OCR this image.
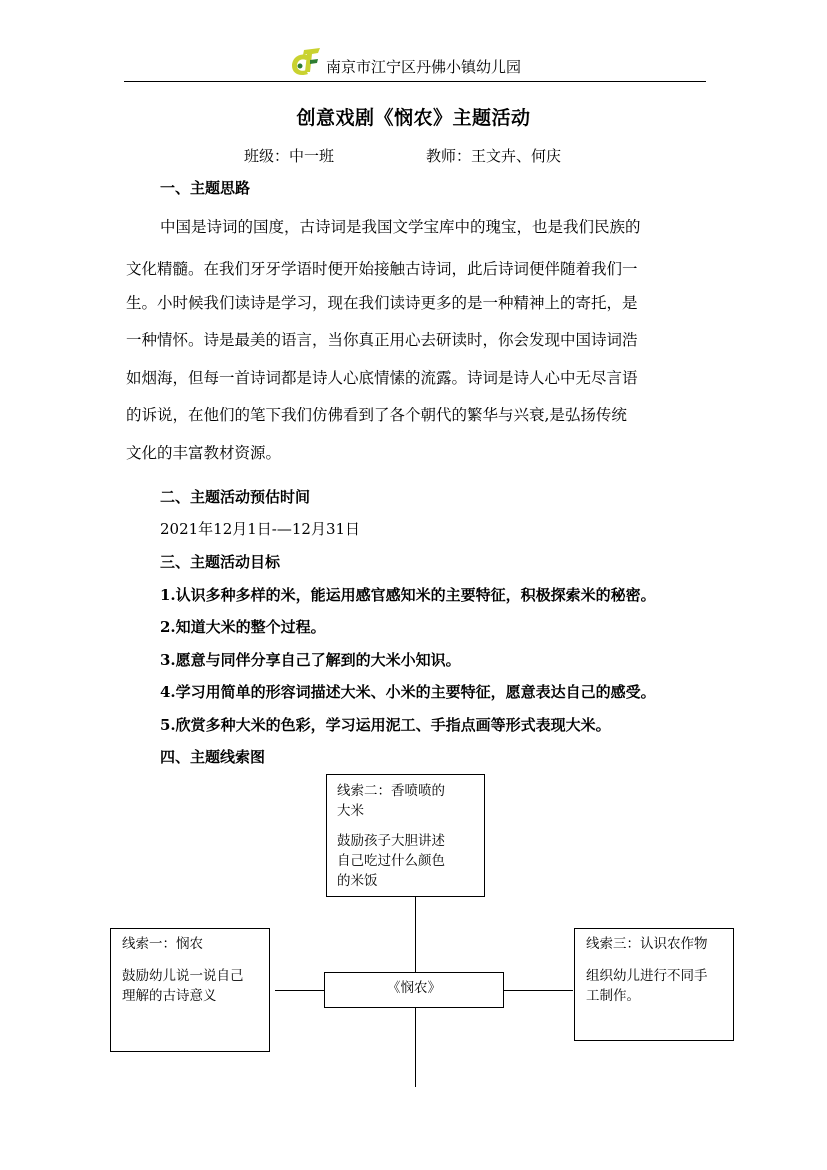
南京市江宁区丹佛小镇幼儿园
创意戏剧《悯农》主题活动
班级：中一班	教师：王文卉、何庆
一、主题思路
中国是诗词的国度，古诗词是我国文学宝库中的瑰宝，也是我们民族的
文化精髓。在我们牙牙学语时便开始接触古诗词，此后诗词便伴随着我们一
生。小时候我们读诗是学习，现在我们读诗更多的是一种精神上的寄托，是
一种情怀。诗是最美的语言，当你真正用心去研读时，你会发现中国诗词浩
如烟海，但每一首诗词都是诗人心底情愫的流露。诗词是诗人心中无尽言语
的诉说，在他们的笔下我们仿佛看到了各个朝代的繁华与兴衰,是弘扬传统
文化的丰富教材资源。
二、主题活动预估时间
2021年12月1日-—12月31日
三、主题活动目标
1.认识多种多样的米，能运用感官感知米的主要特征，积极探索米的秘密。
2.知道大米的整个过程。
3.愿意与同伴分享自己了解到的大米小知识。
4.学习用简单的形容词描述大米、小米的主要特征，愿意表达自己的感受。
5.欣赏多种大米的色彩，学习运用泥工、手指点画等形式表现大米。
四、主题线索图

线索二：香喷喷的

大米

鼓励孩子大胆讲述

自己吃过什么颜色

的米饭

线索一：悯农

鼓励幼儿说一说自己

理解的古诗意义	《悯农》

线索三：认识农作物

组织幼儿进行不同手

工制作。
